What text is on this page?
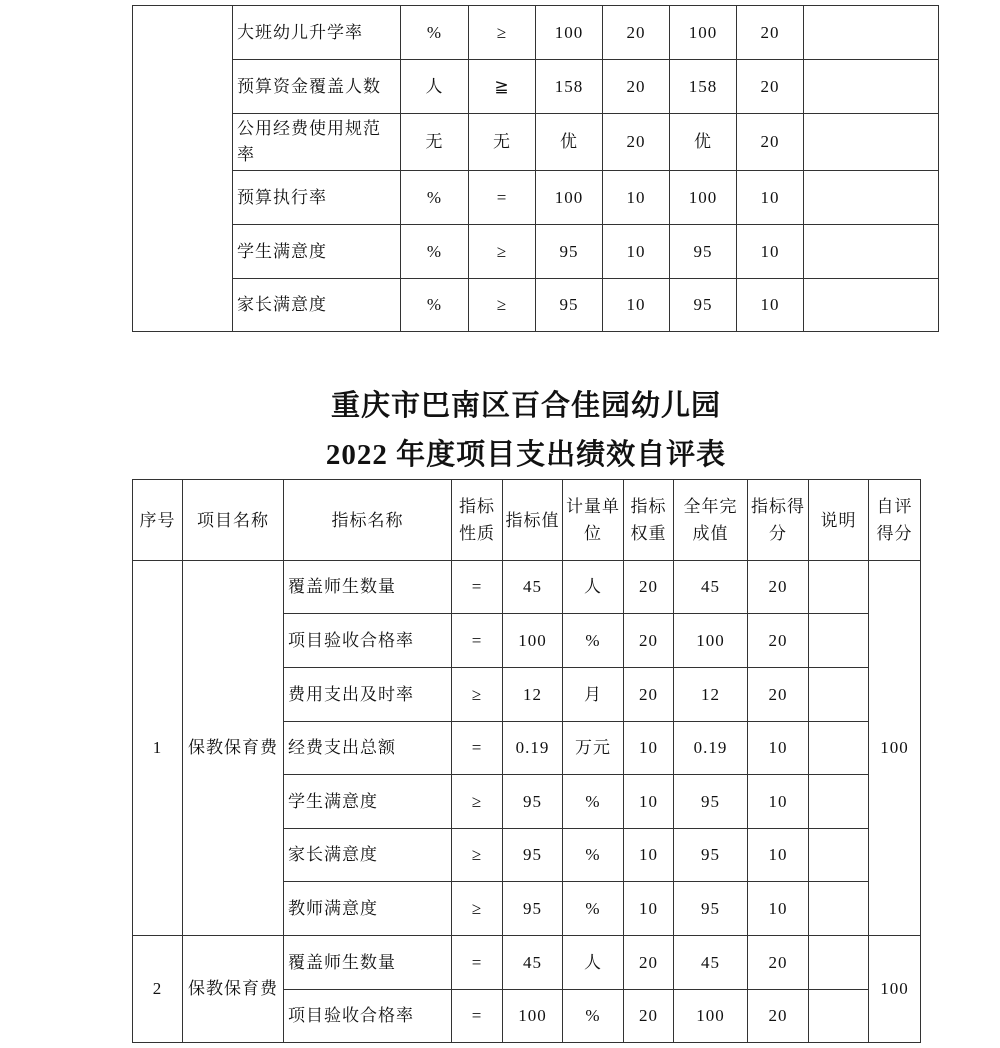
	大班幼儿升学率	%	≥	100	20	100	20	
	预算资金覆盖人数	人	≧	158	20	158	20	
	公用经费使用规范率	无	无	优	20	优	20	
	预算执行率	%	=	100	10	100	10	
	学生满意度	%	≥	95	10	95	10	
	家长满意度	%	≥	95	10	95	10	
重庆市巴南区百合佳园幼儿园
2022 年度项目支出绩效自评表
序号	项目名称	指标名称	指标性质	指标值	计量单位	指标权重	全年完成值	指标得分	说明	自评得分

1	保教保育费	覆盖师生数量	=	45	人	20	45	20		100
		项目验收合格率	=	100	%	20	100	20		
		费用支出及时率	≥	12	月	20	12	20		
		经费支出总额	=	0.19	万元	10	0.19	10		
		学生满意度	≥	95	%	10	95	10		
		家长满意度	≥	95	%	10	95	10		
		教师满意度	≥	95	%	10	95	10		
2	保教保育费	覆盖师生数量	=	45	人	20	45	20		100
		项目验收合格率	=	100	%	20	100	20		
